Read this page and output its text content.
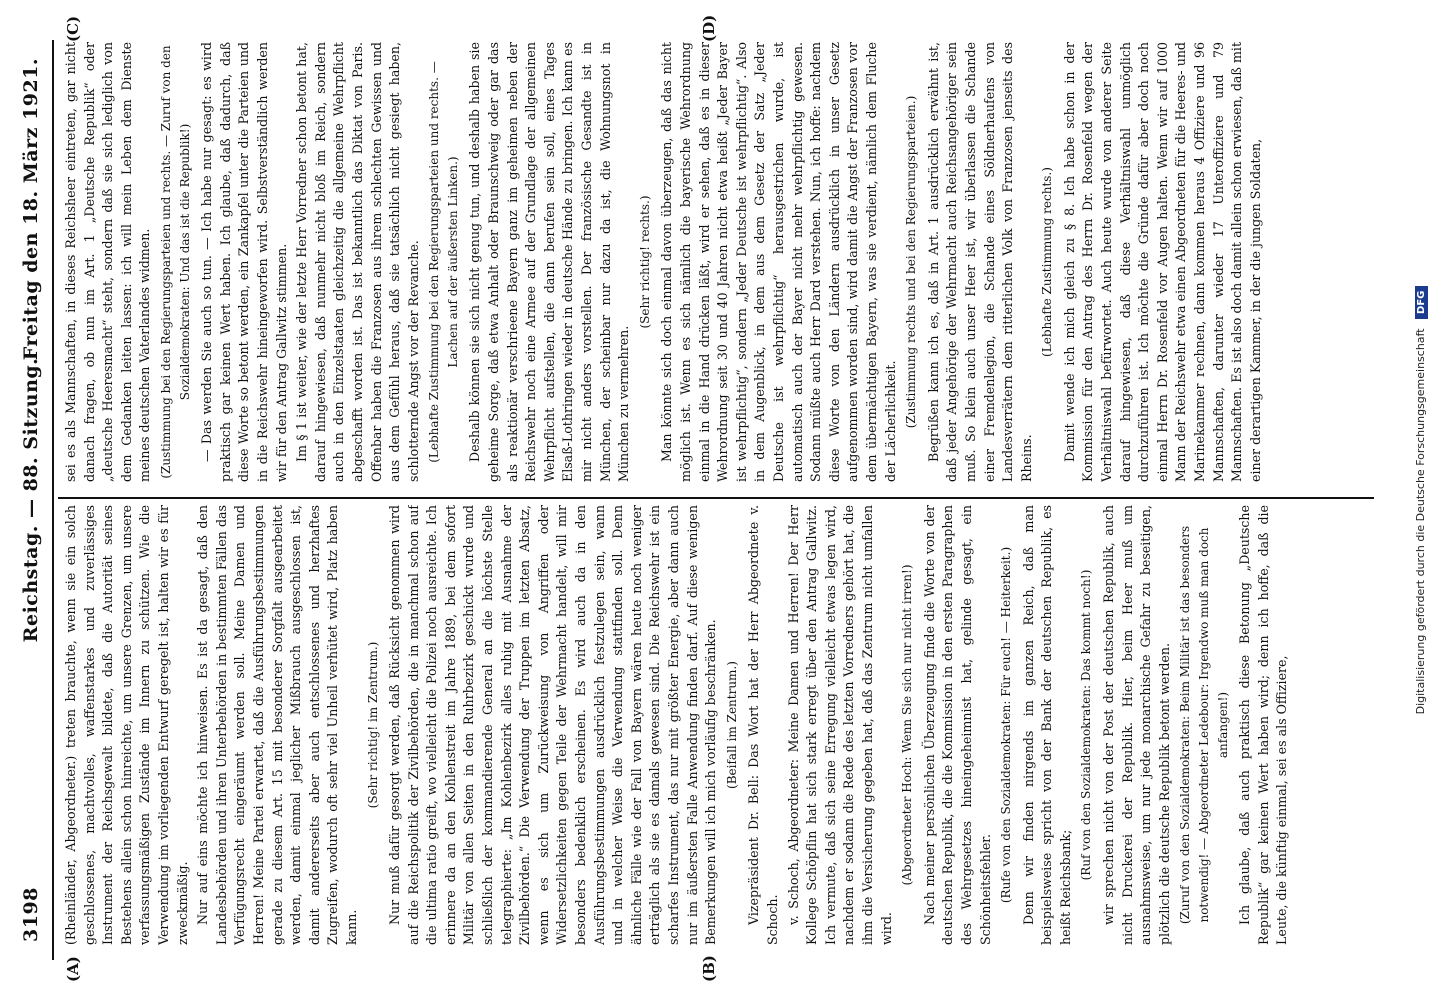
3198
Reichstag. — 88. Sitzung.
Freitag den 18. März 1921.
(A)	(B)
(C)	(D)

(Rheinländer, Abgeordneter.) treten brauchte, wenn sie ein solch geschlossenes, machtvolles, waffenstarkes und zuverlässiges Instrument der Reichsgewalt bildete, daß die Autorität seines Bestehens allein schon hinreichte, um unsere Grenzen, um unsere verfassungsmäßigen Zustände im Innern zu schützen. Wie die Verwendung im vorliegenden Entwurf geregelt ist, halten wir es für zweckmäßig. Nur auf eins möchte ich hinweisen. Es ist da gesagt, daß den Landesbehörden und ihren Unterbehörden in bestimmten Fällen das Verfügungsrecht eingeräumt werden soll. Meine Damen und Herren! Meine Partei erwartet, daß die Ausführungsbestimmungen gerade zu diesem Art. 15 mit besonderer Sorgfalt ausgearbeitet werden, damit einmal jeglicher Mißbrauch ausgeschlossen ist, damit andererseits aber auch entschlossenes und herzhaftes Zugreifen, wodurch oft sehr viel Unheil verhütet wird, Platz haben kann.

(Sehr richtig! im Zentrum.) Nur muß dafür gesorgt werden, daß Rücksicht genommen wird auf die Reichspolitik der Zivilbehörden, die in manchmal schon auf die ultima ratio greift, wo vielleicht die Polizei noch ausreichte. Ich erinnere da an den Kohlenstreit im Jahre 1889, bei dem sofort Militär von allen Seiten in den Ruhrbezirk geschickt wurde und schließlich der kommandierende General an die höchste Stelle telegraphierte: „Im Kohlenbezirk alles ruhig mit Ausnahme der Zivilbehörden.“ Die Verwendung der Truppen im letzten Absatz, wenn es sich um Zurückweisung von Angriffen oder Widersetzlichkeiten gegen Teile der Wehrmacht handelt, will mir besonders bedenklich erscheinen. Es wird auch da in den Ausführungsbestimmungen ausdrücklich festzulegen sein, wann und in welcher Weise die Verwendung stattfinden soll. Denn ähnliche Fälle wie der Fall von Bayern wären heute noch weniger erträglich als sie es damals gewesen sind. Die Reichswehr ist ein scharfes Instrument, das nur mit größter Energie, aber dann auch nur im äußersten Falle Anwendung finden darf. Auf diese wenigen Bemerkungen will ich mich vorläufig beschränken. (Beifall im Zentrum.) Vizepräsident Dr. Bell: Das Wort hat der Herr Abgeordnete v. Schoch. v. Schoch, Abgeordneter: Meine Damen und Herren! Der Herr Kollege Schöpflin hat sich stark erregt über den Antrag Gallwitz. Ich vermute, daß sich seine Erregung vielleicht etwas legen wird, nachdem er sodann die Rede des letzten Vorredners gehört hat, die ihm die Versicherung gegeben hat, daß das Zentrum nicht umfallen wird.

(Abgeordneter Hoch: Wenn Sie sich nur nicht irren!) Nach meiner persönlichen Überzeugung finde die Worte von der deutschen Republik, die die Kommission in den ersten Paragraphen des Wehrgesetzes hineingeheimnist hat, gelinde gesagt, ein Schönheitsfehler. (Rufe von den Sozialdemokraten: Für euch! — Heiterkeit.) Denn wir finden nirgends im ganzen Reich, daß man beispielsweise spricht von der Bank der deutschen Republik, es heißt Reichsbank;

(Ruf von den Sozialdemokraten: Das kommt noch!) wir sprechen nicht von der Post der deutschen Republik, auch nicht Druckerei der Republik. Hier, beim Heer muß um ausnahmsweise, um nur jede monarchische Gefahr zu beseitigen, plötzlich die deutsche Republik betont werden. (Zuruf von den Sozialdemokraten: Beim Militär ist das besonders notwendig! — Abgeordneter Ledebour: Irgendwo muß man doch anfangen!) Ich glaube, daß auch praktisch diese Betonung „Deutsche Republik“ gar keinen Wert haben wird; denn ich hoffe, daß die Leute, die künftig einmal, sei es als Offiziere,

sei es als Mannschaften, in dieses Reichsheer eintreten, gar nicht danach fragen, ob nun im Art. 1 „Deutsche Republik“ oder „deutsche Heeresmacht“ steht, sondern daß sie sich lediglich von dem Gedanken leiten lassen: ich will mein Leben dem Dienste meines deutschen Vaterlandes widmen. (Zustimmung bei den Regierungsparteien und rechts. — Zuruf von den Sozialdemokraten: Und das ist die Republik!) — Das werden Sie auch so tun. — Ich habe nur gesagt: es wird praktisch gar keinen Wert haben. Ich glaube, daß dadurch, daß diese Worte so betont werden, ein Zankapfel unter die Parteien und in die Reichswehr hineingeworfen wird. Selbstverständlich werden wir für den Antrag Gallwitz stimmen. Im § 1 ist weiter, wie der letzte Herr Vorredner schon betont hat, darauf hingewiesen, daß nunmehr nicht bloß im Reich, sondern auch in den Einzelstaaten gleichzeitig die allgemeine Wehrpflicht abgeschafft worden ist. Das ist bekanntlich das Diktat von Paris. Offenbar haben die Franzosen aus ihrem schlechten Gewissen und aus dem Gefühl heraus, daß sie tatsächlich nicht gesiegt haben, schlotternde Angst vor der Revanche. (Lebhafte Zustimmung bei den Regierungsparteien und rechts. — Lachen auf der äußersten Linken.) Deshalb können sie sich nicht genug tun, und deshalb haben sie geheime Sorge, daß etwa Anhalt oder Braunschweig oder gar das als reaktionär verschrieene Bayern ganz im geheimen neben der Reichswehr noch eine Armee auf der Grundlage der allgemeinen Wehrpflicht aufstellen, die dann berufen sein soll, eines Tages Elsaß-Lothringen wieder in deutsche Hände zu bringen. Ich kann es mir nicht anders vorstellen. Der französische Gesandte ist in München, der scheinbar nur dazu da ist, die Wohnungsnot in München zu vermehren.

(Sehr richtig! rechts.) Man könnte sich doch einmal davon überzeugen, daß das nicht möglich ist. Wenn es sich nämlich die bayerische Wehrordnung einmal in die Hand drücken läßt, wird er sehen, daß es in dieser Wehrordnung seit 30 und 40 Jahren nicht etwa heißt „Jeder Bayer ist wehrpflichtig“, sondern „Jeder Deutsche ist wehrpflichtig“. Also in dem Augenblick, in dem aus dem Gesetz der Satz „Jeder Deutsche ist wehrpflichtig“ herausgestrichen wurde, ist automatisch auch der Bayer nicht mehr wehrpflichtig gewesen. Sodann müßte auch Herr Dard verstehen. Nun, ich hoffe: nachdem diese Worte von den Ländern ausdrücklich in unser Gesetz aufgenommen worden sind, wird damit die Angst der Franzosen vor dem übermächtigen Bayern, was sie verdient, nämlich dem Fluche der Lächerlichkeit. (Zustimmung rechts und bei den Regierungsparteien.) Begrüßen kann ich es, daß in Art. 1 ausdrücklich erwähnt ist, daß jeder Angehörige der Wehrmacht auch Reichsangehöriger sein muß. So klein auch unser Heer ist, wir überlassen die Schande einer Fremdenlegion, die Schande eines Söldnerhaufens von Landesverrätern dem ritterlichen Volk von Franzosen jenseits des Rheins.

(Lebhafte Zustimmung rechts.) Damit wende ich mich gleich zu § 8. Ich habe schon in der Kommission für den Antrag des Herrn Dr. Rosenfeld wegen der Verhältniswahl befürwortet. Auch heute wurde von anderer Seite darauf hingewiesen, daß diese Verhältniswahl unmöglich durchzuführen ist. Ich möchte die Gründe dafür aber doch noch einmal Herrn Dr. Rosenfeld vor Augen halten. Wenn wir auf 1000 Mann der Reichswehr etwa einen Abgeordneten für die Heeres- und Marinekammer rechnen, dann kommen heraus 4 Offiziere und 96 Mannschaften, darunter wieder 17 Unteroffiziere und 79 Mannschaften. Es ist also doch damit allein schon erwiesen, daß mit einer derartigen Kammer, in der die jungen Soldaten,

Digitalisierung gefördert durch die Deutsche Forschungsgemeinschaft DFG
